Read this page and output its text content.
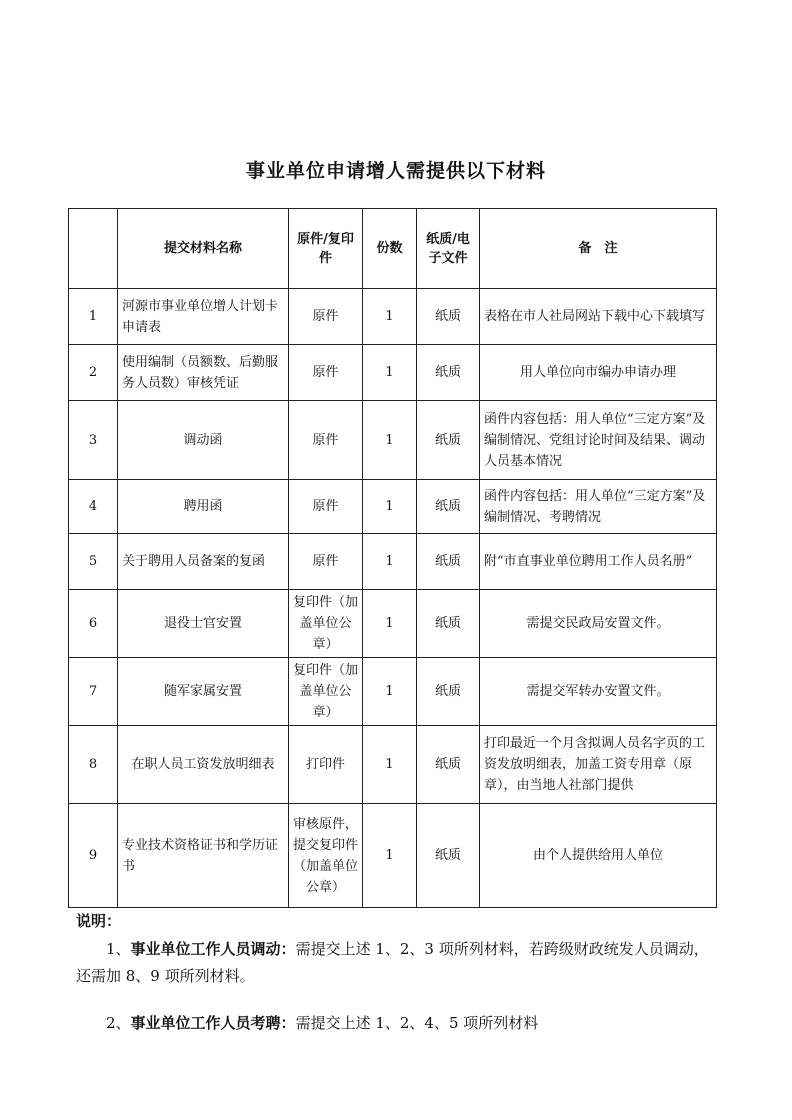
事业单位申请增人需提供以下材料
	提交材料名称	原件/复印件	份数	纸质/电子文件	备　注
1	河源市事业单位增人计划卡申请表	原件	1	纸质	表格在市人社局网站下载中心下载填写
2	使用编制（员额数、后勤服务人员数）审核凭证	原件	1	纸质	用人单位向市编办申请办理
3	调动函	原件	1	纸质	函件内容包括：用人单位“三定方案”及编制情况、党组讨论时间及结果、调动人员基本情况
4	聘用函	原件	1	纸质	函件内容包括：用人单位“三定方案”及编制情况、考聘情况
5	关于聘用人员备案的复函	原件	1	纸质	附“市直事业单位聘用工作人员名册”
6	退役士官安置	复印件（加盖单位公章）	1	纸质	需提交民政局安置文件。
7	随军家属安置	复印件（加盖单位公章）	1	纸质	需提交军转办安置文件。
8	在职人员工资发放明细表	打印件	1	纸质	打印最近一个月含拟调人员名字页的工资发放明细表，加盖工资专用章（原章），由当地人社部门提供
9	专业技术资格证书和学历证书	审核原件，提交复印件（加盖单位公章）	1	纸质	由个人提供给用人单位
说明：
1、事业单位工作人员调动：需提交上述 1、2、3 项所列材料，若跨级财政统发人员调动，还需加 8、9 项所列材料。
2、事业单位工作人员考聘：需提交上述 1、2、4、5 项所列材料
